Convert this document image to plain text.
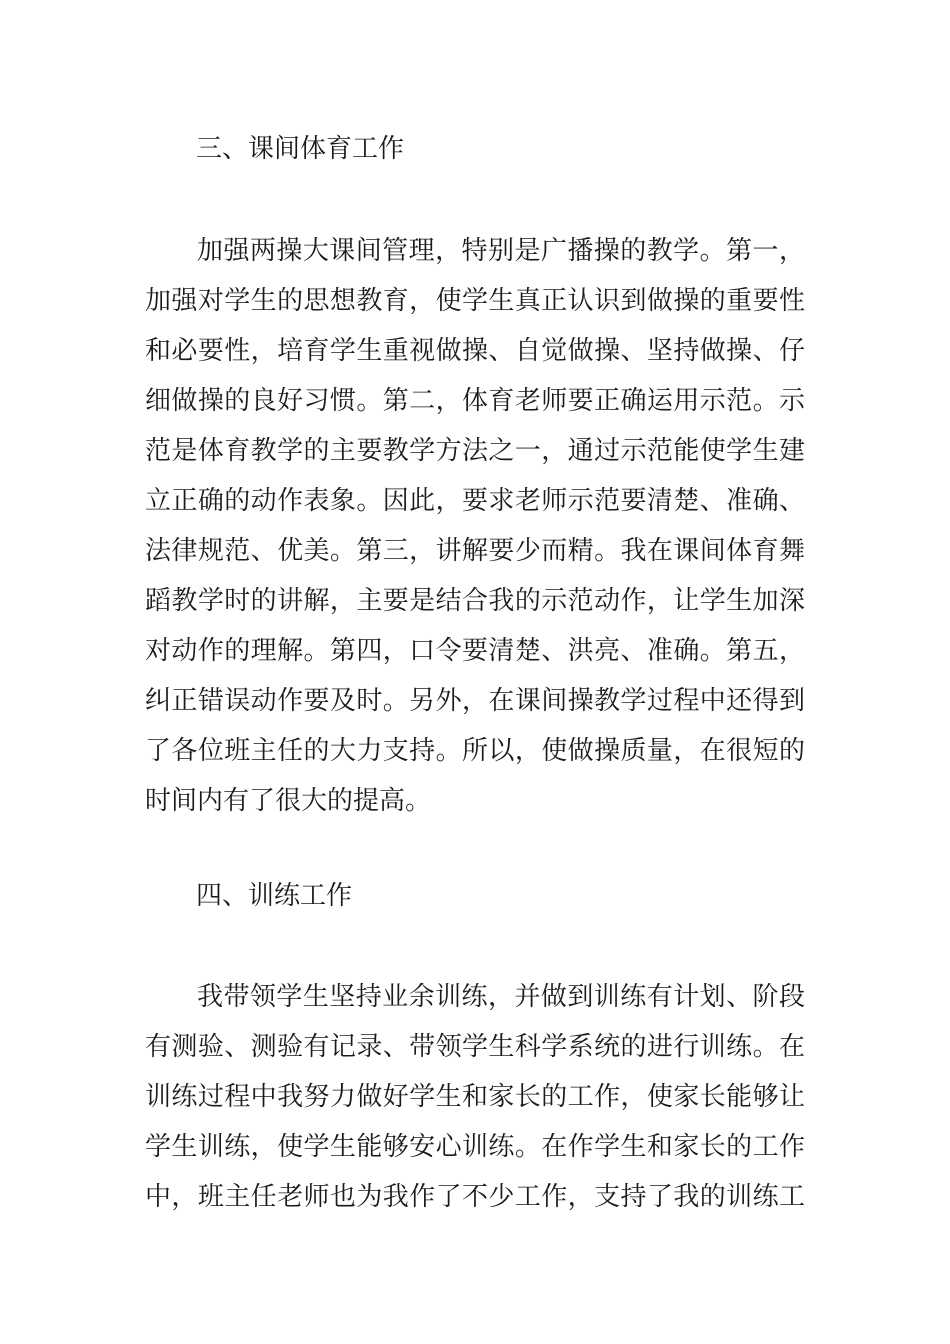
三、课间体育工作
加强两操大课间管理，特别是广播操的教学。第一，
加强对学生的思想教育，使学生真正认识到做操的重要性
和必要性，培育学生重视做操、自觉做操、坚持做操、仔
细做操的良好习惯。第二，体育老师要正确运用示范。示
范是体育教学的主要教学方法之一，通过示范能使学生建
立正确的动作表象。因此，要求老师示范要清楚、准确、
法律规范、优美。第三，讲解要少而精。我在课间体育舞
蹈教学时的讲解，主要是结合我的示范动作，让学生加深
对动作的理解。第四，口令要清楚、洪亮、准确。第五，
纠正错误动作要及时。另外，在课间操教学过程中还得到
了各位班主任的大力支持。所以，使做操质量，在很短的
时间内有了很大的提高。
四、训练工作
我带领学生坚持业余训练，并做到训练有计划、阶段
有测验、测验有记录、带领学生科学系统的进行训练。在
训练过程中我努力做好学生和家长的工作，使家长能够让
学生训练，使学生能够安心训练。在作学生和家长的工作
中，班主任老师也为我作了不少工作，支持了我的训练工
